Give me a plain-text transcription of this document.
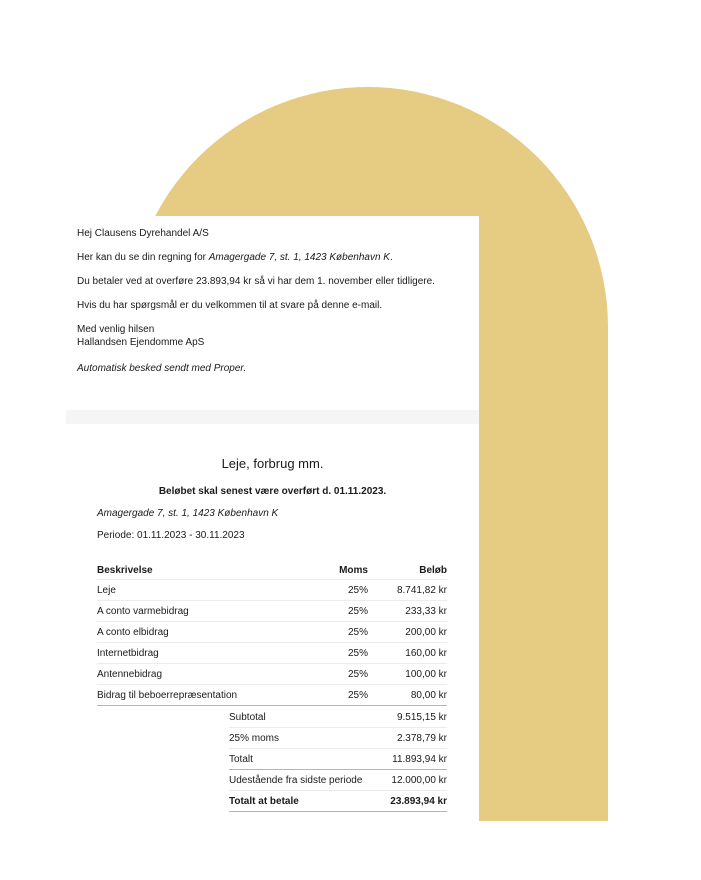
Hej Clausens Dyrehandel A/S

Her kan du se din regning for Amagergade 7, st. 1, 1423 København K.

Du betaler ved at overføre 23.893,94 kr så vi har dem 1. november eller tidligere.

Hvis du har spørgsmål er du velkommen til at svare på denne e-mail.

Med venlig hilsen
Hallandsen Ejendomme ApS

Automatisk besked sendt med Proper.

Leje, forbrug mm.
Beløbet skal senest være overført d. 01.11.2023.
Amagergade 7, st. 1, 1423 København K
Periode: 01.11.2023 - 30.11.2023
Beskrivelse	Moms	Beløb
Leje	25%	8.741,82 kr
A conto varmebidrag	25%	233,33 kr
A conto elbidrag	25%	200,00 kr
Internetbidrag	25%	160,00 kr
Antennebidrag	25%	100,00 kr
Bidrag til beboerrepræsentation	25%	80,00 kr
Subtotal	9.515,15 kr
25% moms	2.378,79 kr
Totalt	11.893,94 kr
Udestående fra sidste periode	12.000,00 kr
Totalt at betale	23.893,94 kr
